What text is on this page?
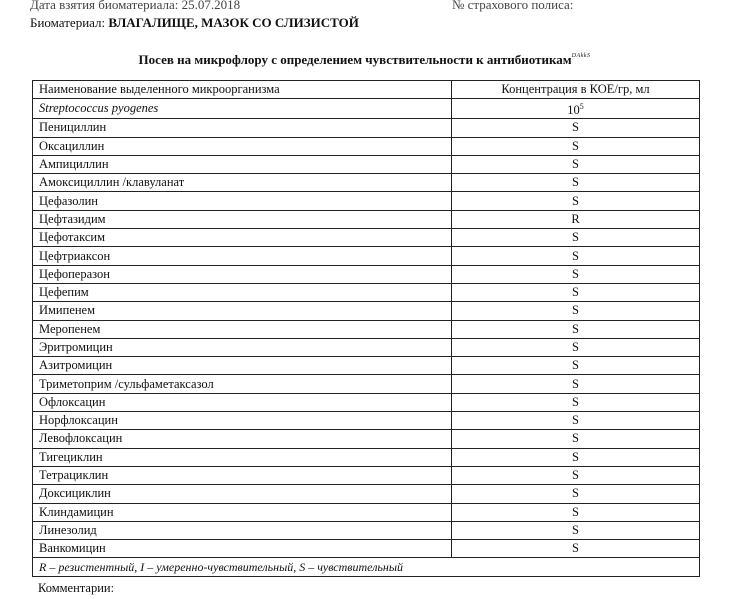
Дата взятия биоматериала: 25.07.2018	№ страхового полиса:
Биоматериал: ВЛАГАЛИЩЕ, МАЗОК СО СЛИЗИСТОЙ
Посев на микрофлору с определением чувствительности к антибиотикам$^{DAkkS}$
Наименование выделенного микроорганизма	Концентрация в КОЕ/гр, мл
Streptococcus pyogenes	$10^5$
Пенициллин	S
Оксациллин	S
Ампициллин	S
Амоксициллин /клавуланат	S
Цефазолин	S
Цефтазидим	R
Цефотаксим	S
Цефтриаксон	S
Цефоперазон	S
Цефепим	S
Имипенем	S
Меропенем	S
Эритромицин	S
Азитромицин	S
Триметоприм /сульфаметаксазол	S
Офлоксацин	S
Норфлоксацин	S
Левофлоксацин	S
Тигециклин	S
Тетрациклин	S
Доксициклин	S
Клиндамицин	S
Линезолид	S
Ванкомицин	S
R – резистентный, I – умеренно-чувствительный, S – чувствительный	
Комментарии:
